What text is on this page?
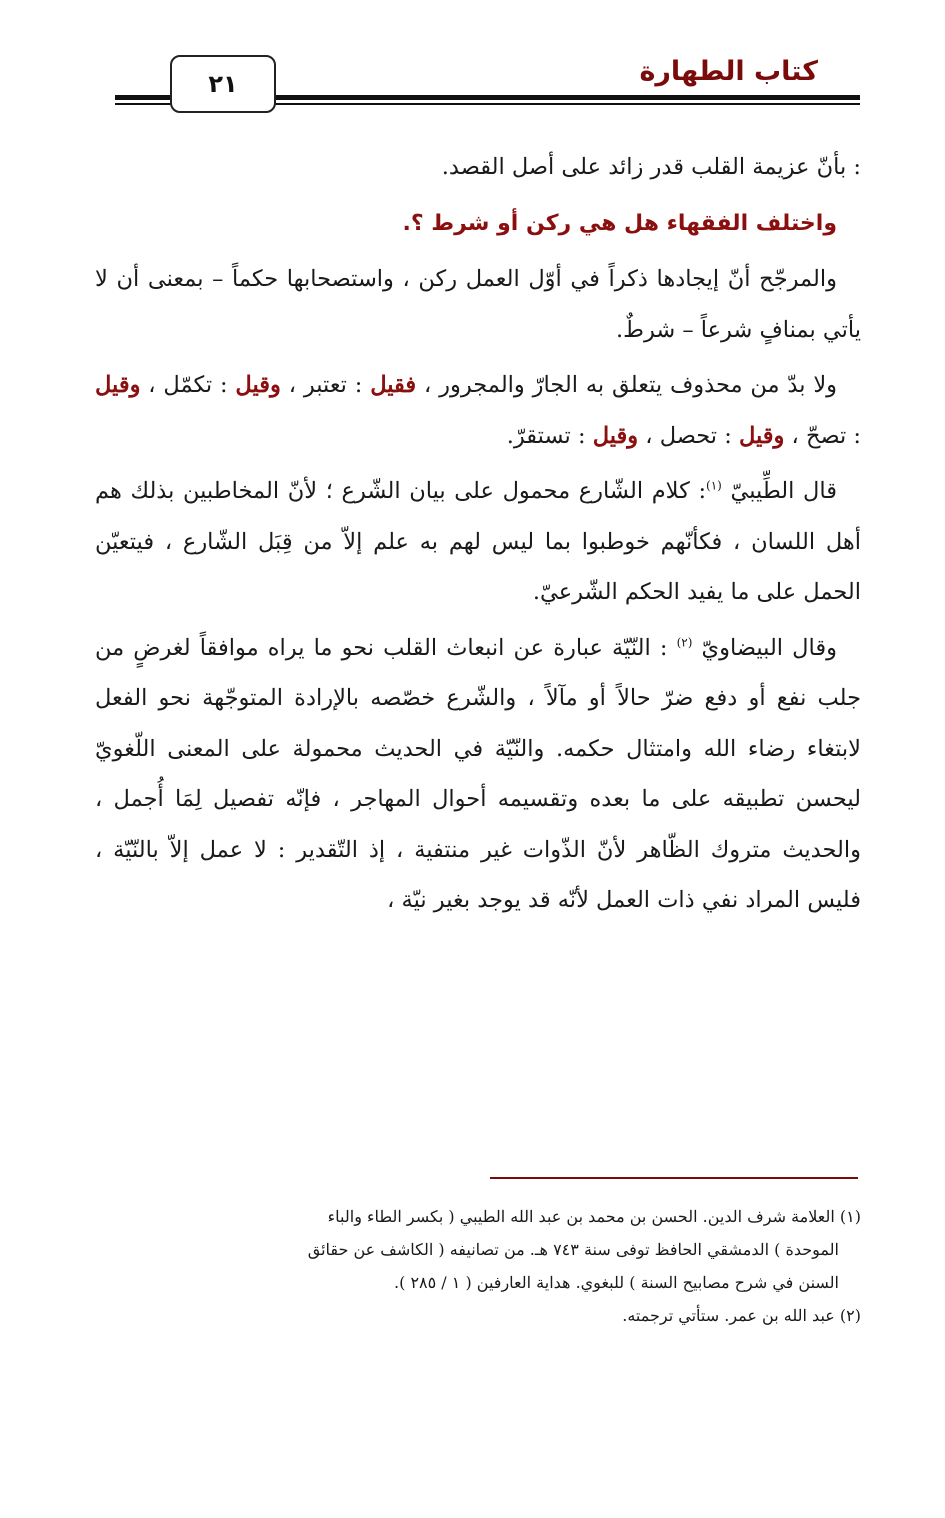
٢١	كتاب الطهارة

: بأنّ عزيمة القلب قدر زائد على أصل القصد.

واختلف الفقهاء هل هي ركن أو شرط ؟.

والمرجّح أنّ إيجادها ذكراً في أوّل العمل ركن ، واستصحابها حكماً – بمعنى أن لا يأتي بمنافٍ شرعاً – شرطٌ.

ولا بدّ من محذوف يتعلق به الجارّ والمجرور ، فقيل : تعتبر ، وقيل : تكمّل ، وقيل : تصحّ ، وقيل : تحصل ، وقيل : تستقرّ.

قال الطِّيبيّ $^{(١)}$: كلام الشّارع محمول على بيان الشّرع ؛ لأنّ المخاطبين بذلك هم أهل اللسان ، فكأنّهم خوطبوا بما ليس لهم به علم إلاّ من قِبَل الشّارع ، فيتعيّن الحمل على ما يفيد الحكم الشّرعيّ.

وقال البيضاويّ $^{(٢)}$ : النّيّة عبارة عن انبعاث القلب نحو ما يراه موافقاً لغرضٍ من جلب نفع أو دفع ضرّ حالاً أو مآلاً ، والشّرع خصّصه بالإرادة المتوجّهة نحو الفعل لابتغاء رضاء الله وامتثال حكمه. والنّيّة في الحديث محمولة على المعنى اللّغويّ ليحسن تطبيقه على ما بعده وتقسيمه أحوال المهاجر ، فإنّه تفصيل لِمَا أُجمل ، والحديث متروك الظّاهر لأنّ الذّوات غير منتفية ، إذ التّقدير : لا عمل إلاّ بالنّيّة ، فليس المراد نفي ذات العمل لأنّه قد يوجد بغير نيّة ،

(١) العلامة شرف الدين. الحسن بن محمد بن عبد الله الطيبي ( بكسر الطاء والباء

الموحدة ) الدمشقي الحافظ توفى سنة ٧٤٣ هـ. من تصانيفه ( الكاشف عن حقائق

السنن في شرح مصابيح السنة ) للبغوي. هداية العارفين ( ١ / ٢٨٥ ).

(٢) عبد الله بن عمر. ستأتي ترجمته.
